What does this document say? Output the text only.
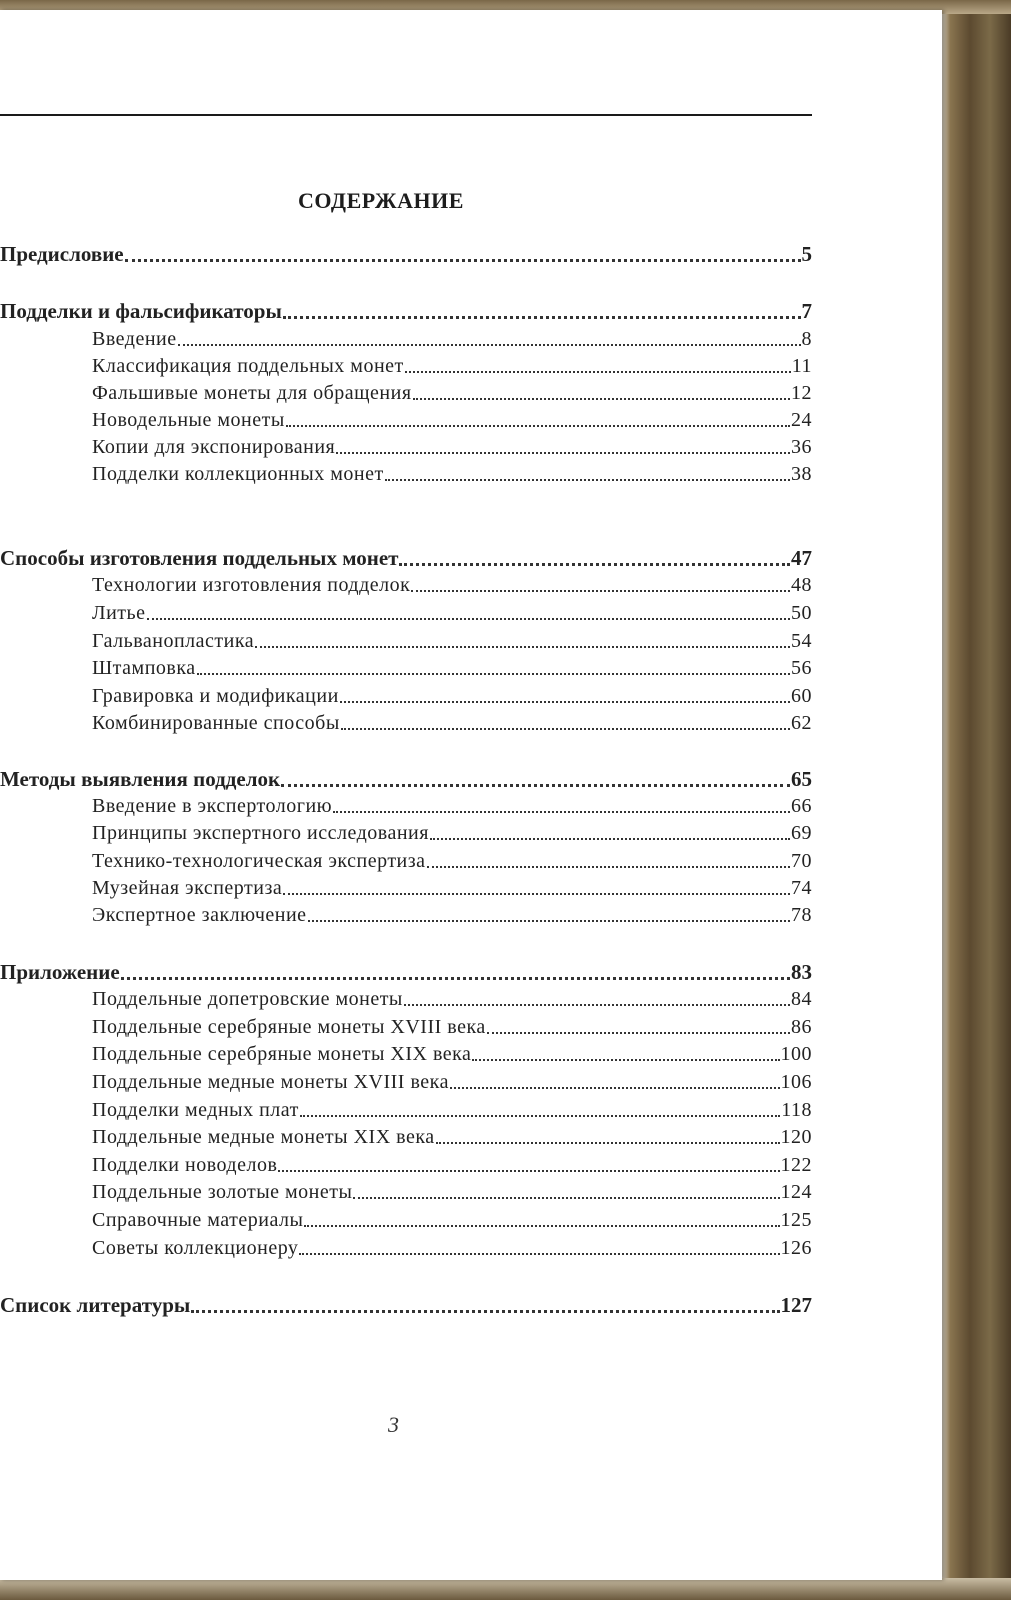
СОДЕРЖАНИЕ
Предисловие	5
Подделки и фальсификаторы	7
Введение	8
Классификация поддельных монет	11
Фальшивые монеты для обращения	12
Новодельные монеты	24
Копии для экспонирования	36
Подделки коллекционных монет	38
Способы изготовления поддельных монет	47
Технологии изготовления подделок	48
Литье	50
Гальванопластика	54
Штамповка	56
Гравировка и модификации	60
Комбинированные способы	62
Методы выявления подделок	65
Введение в экспертологию	66
Принципы экспертного исследования	69
Технико-технологическая экспертиза	70
Музейная экспертиза	74
Экспертное заключение	78
Приложение	83
Поддельные допетровские монеты	84
Поддельные серебряные монеты XVIII века	86
Поддельные серебряные монеты XIX века	100
Поддельные медные монеты XVIII века	106
Подделки медных плат	118
Поддельные медные монеты XIX века	120
Подделки новоделов	122
Поддельные золотые монеты	124
Справочные материалы	125
Советы коллекционеру	126
Список литературы	127
3
